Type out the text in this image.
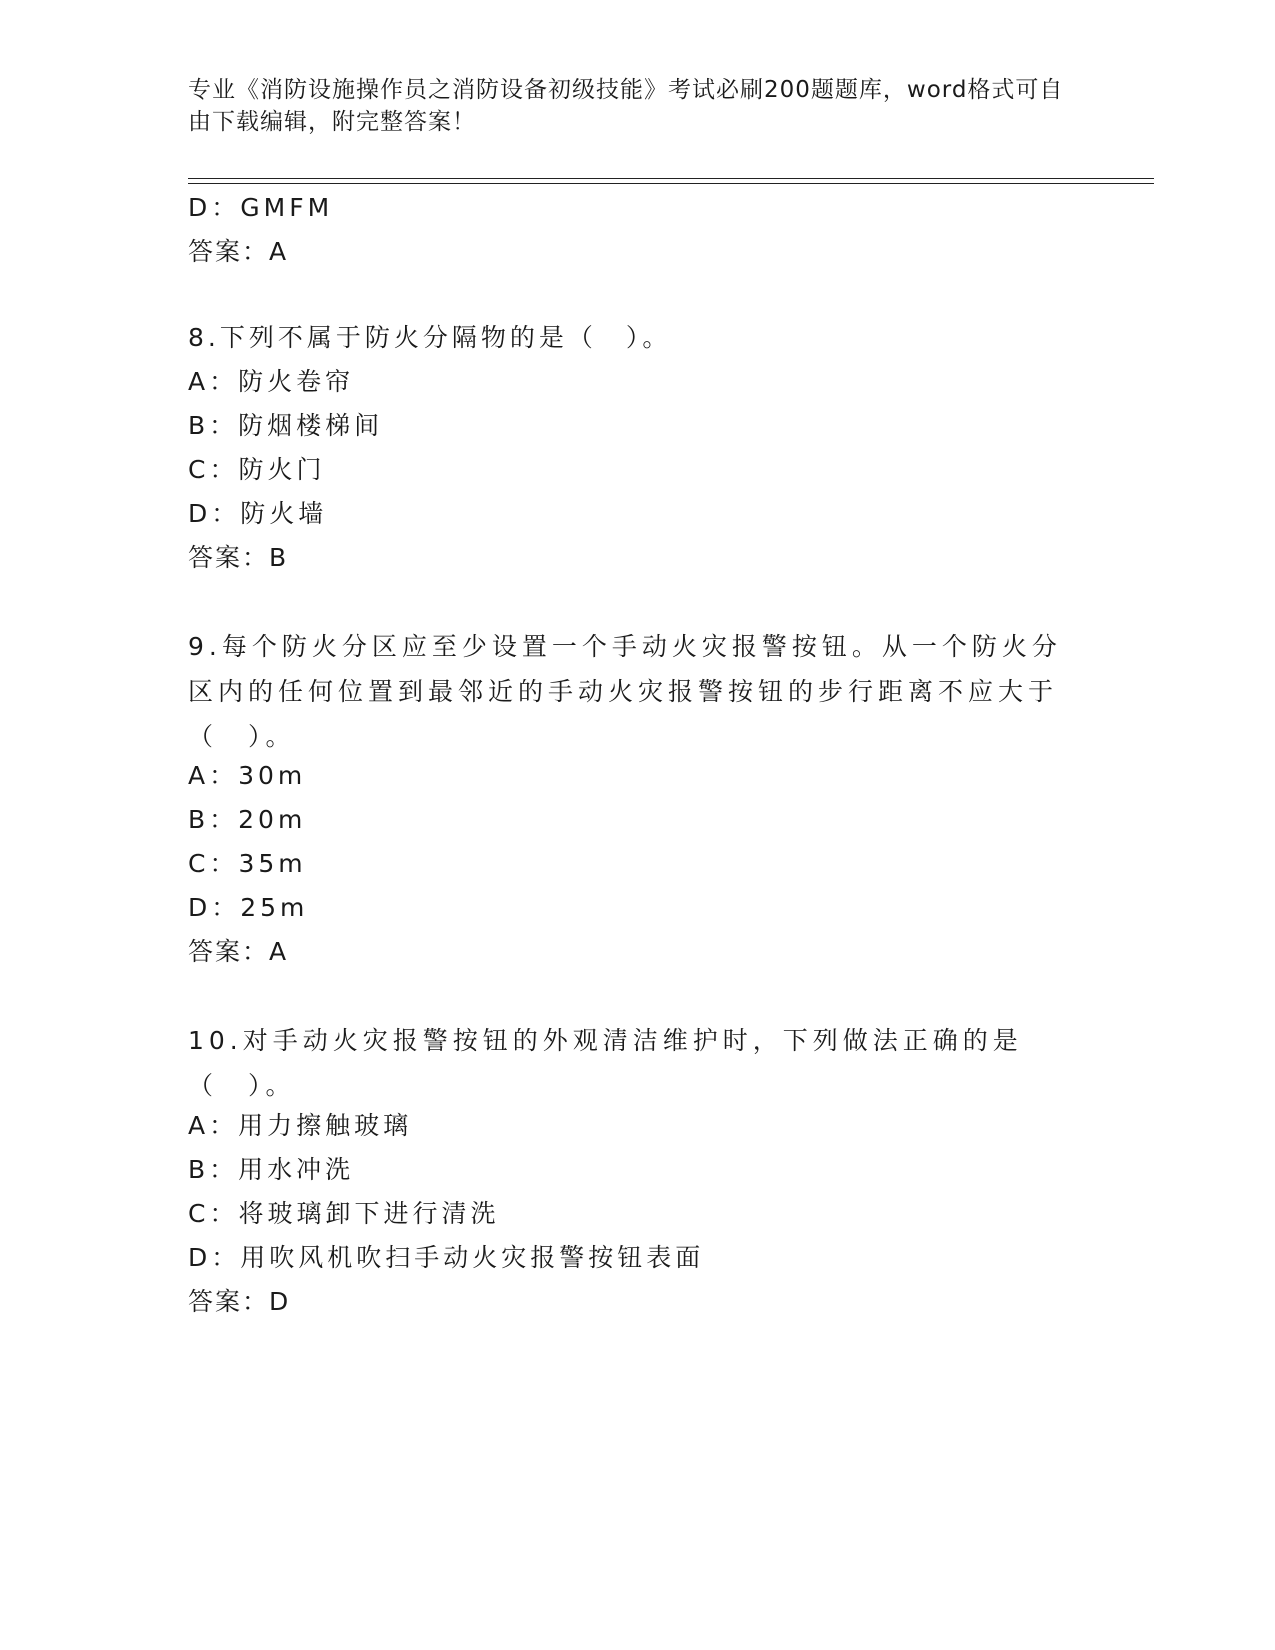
专业《消防设施操作员之消防设备初级技能》考试必刷200题题库，word格式可自由下载编辑，附完整答案！
D：GMFM
答案：A
8.下列不属于防火分隔物的是（　）。
A：防火卷帘
B：防烟楼梯间
C：防火门
D：防火墙
答案：B
9.每个防火分区应至少设置一个手动火灾报警按钮。从一个防火分区内的任何位置到最邻近的手动火灾报警按钮的步行距离不应大于（　）。
A：30m
B：20m
C：35m
D：25m
答案：A
10.对手动火灾报警按钮的外观清洁维护时，下列做法正确的是（　）。
A：用力擦触玻璃
B：用水冲洗
C：将玻璃卸下进行清洗
D：用吹风机吹扫手动火灾报警按钮表面
答案：D
